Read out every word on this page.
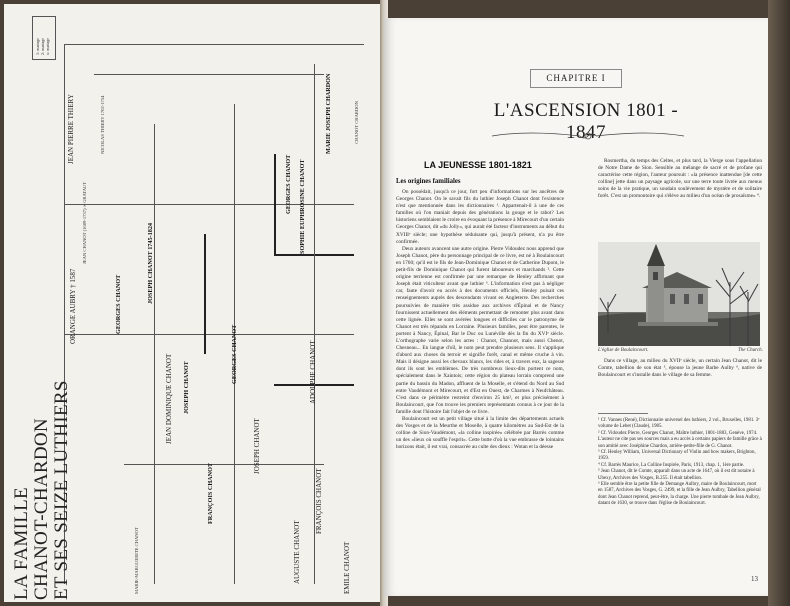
1: mariage 2: mariage x: mariage
ORANGE AUBRY † 1587
JEAN CHANOT (1689-1737) ∞ GRATAUT
JEAN PIERRE THIERY	NICOLAS THIERY 1702-1754
GEORGES CHANOT
JOSEPH CHANOT 1745-1824
JEAN DOMINIQUE CHANOT JOSEPH CHANOT
FRANÇOIS CHANOT
GEORGES CHANOT
GEORGES CHANOT SOPHIE EUPHROSINE CHANOT
ADOLPHE CHANOT
MARIE JOSEPH CHARDON
EMILE CHANOT
FRANÇOIS CHANOT
AUGUSTE CHANOT
JOSEPH CHANOT
MARIE-MARGUERITE CHANOT
CHANOT CHARDON
LA FAMILLE CHANOT-CHARDON ET SES SEIZE LUTHIERS
CHAPITRE I
L'ASCENSION 1801 - 1847
LA JEUNESSE 1801-1821
Les origines familiales

On possédait, jusqu'à ce jour, fort peu d'informations sur les ancêtres de Georges Chanot. On le savait fils du luthier Joseph Chanot dont l'existence n'est que mentionnée dans les dictionnaires ¹. Appartenait-il à une de ces familles où l'on maniait depuis des générations la gouge et le rabot? Les historiens semblaient le croire en évoquant la présence à Mirecourt d'un certain Georges Chanot, dit «du Jolly», qui aurait été facteur d'instruments au début du XVIIIᵉ siècle; une hypothèse séduisante qui, jusqu'à présent, n'a pu être confirmée.

Deux auteurs avancent une autre origine. Pierre Vidoudez nous apprend que Joseph Chanot, père du personnage principal de ce livre, est né à Boulaincourt en 1760; qu'il est le fils de Jean-Dominique Chanot et de Catherine Dupont, le petit-fils de Dominique Chanot qui furent laboureurs et marchands ². Cette origine terrienne est confirmée par une remarque de Henley affirmant que Joseph était viticulteur avant que luthier ³. L'information n'est pas à négliger car, faute d'avoir eu accès à des documents officiels, Henley puisait ces renseignements auprès des descendants vivant en Angleterre. Des recherches poursuivies de manière très assidue aux archives d'Épinal et de Nancy fournissent actuellement des éléments permettant de remonter plus avant dans cette lignée. Elles se sont avérées longues et difficiles car le patronyme de Chanot est très répandu en Lorraine. Plusieurs familles, peut être parentes, le portent à Nancy, Épinal, Bar le Duc ou Lunéville dès la fin du XVIᵉ siècle. L'orthographe varie selon les actes : Chanot, Channot, mais aussi Chenot, Chesneau... En langue d'oïl, le nom peut prendre plusieurs sens. Il s'applique d'abord aux choses du terroir et signifie forêt, canal et même cruche à vin. Mais il désigne aussi les chevaux blancs, les rides et, à travers eux, la sagesse dont ils sont les emblèmes. De très nombreux lieux-dits portent ce nom, spécialement dans le Xaintois; cette région du plateau lorrain comprend une partie du bassin du Madon, affluent de la Moselle, et s'étend du Nord au Sud entre Vaudémont et Mirecourt, et d'Est en Ouest, de Charmes à Neufchâteau. C'est dans ce périmètre restreint d'environ 25 km², et plus précisément à Boulaincourt, que l'on trouve les premiers représentants connus à ce jour de la famille dont l'histoire fait l'objet de ce livre.

Boulaincourt est un petit village situé à la limite des départements actuels des Vosges et de la Meurthe et Moselle, à quatre kilomètres au Sud-Est de la colline de Sion-Vaudémont, «la colline inspirée» célébrée par Barrès comme un des «lieux où souffle l'esprit». Cette butte d'où la vue embrasse de lointains horizons était, il est vrai, consacrée au culte des dieux : Wotan et la déesse

Rosmertha, du temps des Celtes, et plus tard, la Vierge sous l'appellation de Notre Dame de Sion. Sensible au mélange de sacré et de profane qui caractérise cette région, l'auteur poursuit : «la présence inattendue [de cette colline] jette dans un paysage agricole, sur une terre toute livrée aux menus soins de la vie pratique, un soudain soulèvement de mystère et de solitaire forêt. C'est un promontoire qui s'élève au milieu d'un océan de prosaïsme» ⁴.

L'église de Boulaincourt.	The Church.

Dans ce village, au milieu du XVIIᵉ siècle, un certain Jean Chanot, dit le Comte, tabellion de son état ⁵, épouse la jeune Barbe Aulby ⁶, native de Boulaincourt et s'installe dans le village de sa femme.

¹ Cf. Vannes (René), Dictionnaire universel des luthiers, 2 vol., Bruxelles, 1981. 3ᵉ volume de Lebet (Claude), 1985.
² Cf. Vidoudez Pierre, Georges Chanot, Maître luthier, 1801-1883, Genève, 1974. L'auteur ne cite pas ses sources mais a eu accès à certains papiers de famille grâce à son amitié avec Joséphine Chardon, arrière-petite-fille de G. Chanot.
³ Cf. Henley William, Universal Dictionary of Violin and bow makers, Brighton, 1959.
⁴ Cf. Barrès Maurice, La Colline Inspirée, Paris, 1913, chap. 1, 1ère partie.
⁵ Jean Chanot, dit le Comte, apparaît dans un acte de 1647, où il est dit notaire à Ubexy, Archives des Vosges, B.255. Il était tabellion.
⁶ Elle semble être la petite fille de Demange Aulbry, maire de Boulaincourt, mort en 1587, Archives des Vosges, G. 2499, et la fille de Jean Aulbry, Tabellion général dont Jean Chanot reprend, peut-être, la charge. Une pierre tombale de Jean Aulbry, datant de 1630, se trouve dans l'église de Boulaincourt.
13
